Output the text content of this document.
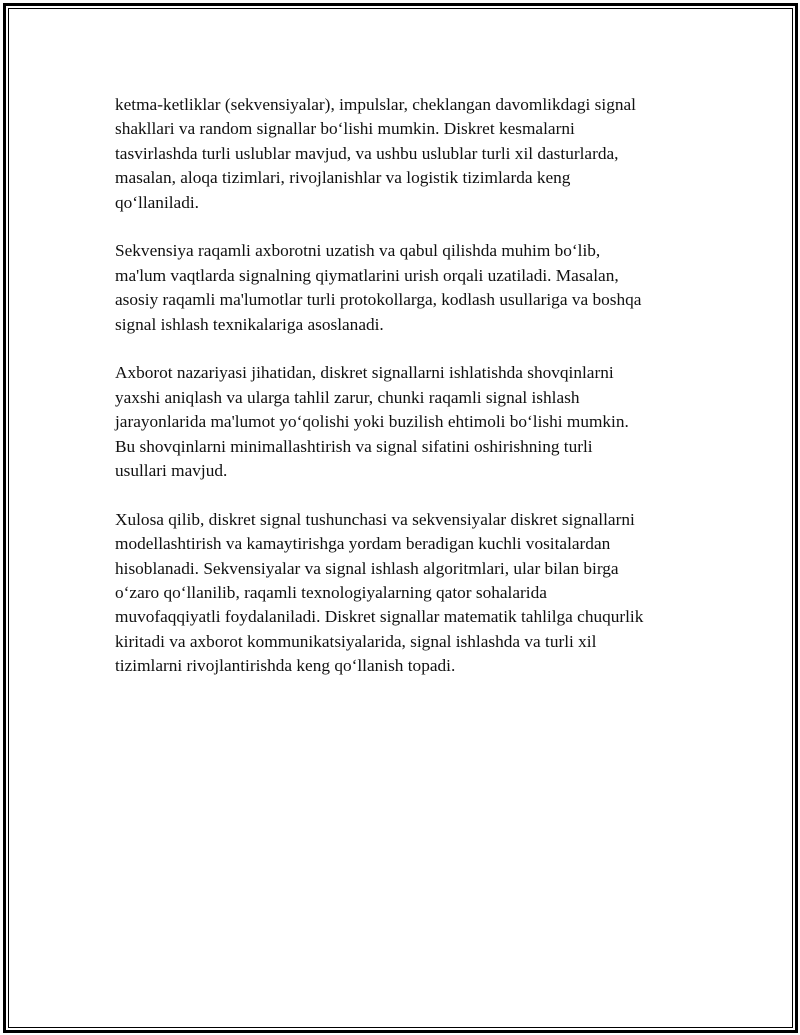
ketma-ketliklar (sekvensiyalar), impulslar, cheklangan davomlikdagi signal
shakllari va random signallar bo‘lishi mumkin. Diskret kesmalarni
tasvirlashda turli uslublar mavjud, va ushbu uslublar turli xil dasturlarda,
masalan, aloqa tizimlari, rivojlanishlar va logistik tizimlarda keng
qo‘llaniladi.

Sekvensiya raqamli axborotni uzatish va qabul qilishda muhim bo‘lib,
ma'lum vaqtlarda signalning qiymatlarini urish orqali uzatiladi. Masalan,
asosiy raqamli ma'lumotlar turli protokollarga, kodlash usullariga va boshqa
signal ishlash texnikalariga asoslanadi.

Axborot nazariyasi jihatidan, diskret signallarni ishlatishda shovqinlarni
yaxshi aniqlash va ularga tahlil zarur, chunki raqamli signal ishlash
jarayonlarida ma'lumot yo‘qolishi yoki buzilish ehtimoli bo‘lishi mumkin.
Bu shovqinlarni minimallashtirish va signal sifatini oshirishning turli
usullari mavjud.

Xulosa qilib, diskret signal tushunchasi va sekvensiyalar diskret signallarni
modellashtirish va kamaytirishga yordam beradigan kuchli vositalardan
hisoblanadi. Sekvensiyalar va signal ishlash algoritmlari, ular bilan birga
o‘zaro qo‘llanilib, raqamli texnologiyalarning qator sohalarida
muvofaqqiyatli foydalaniladi. Diskret signallar matematik tahlilga chuqurlik
kiritadi va axborot kommunikatsiyalarida, signal ishlashda va turli xil
tizimlarni rivojlantirishda keng qo‘llanish topadi.
